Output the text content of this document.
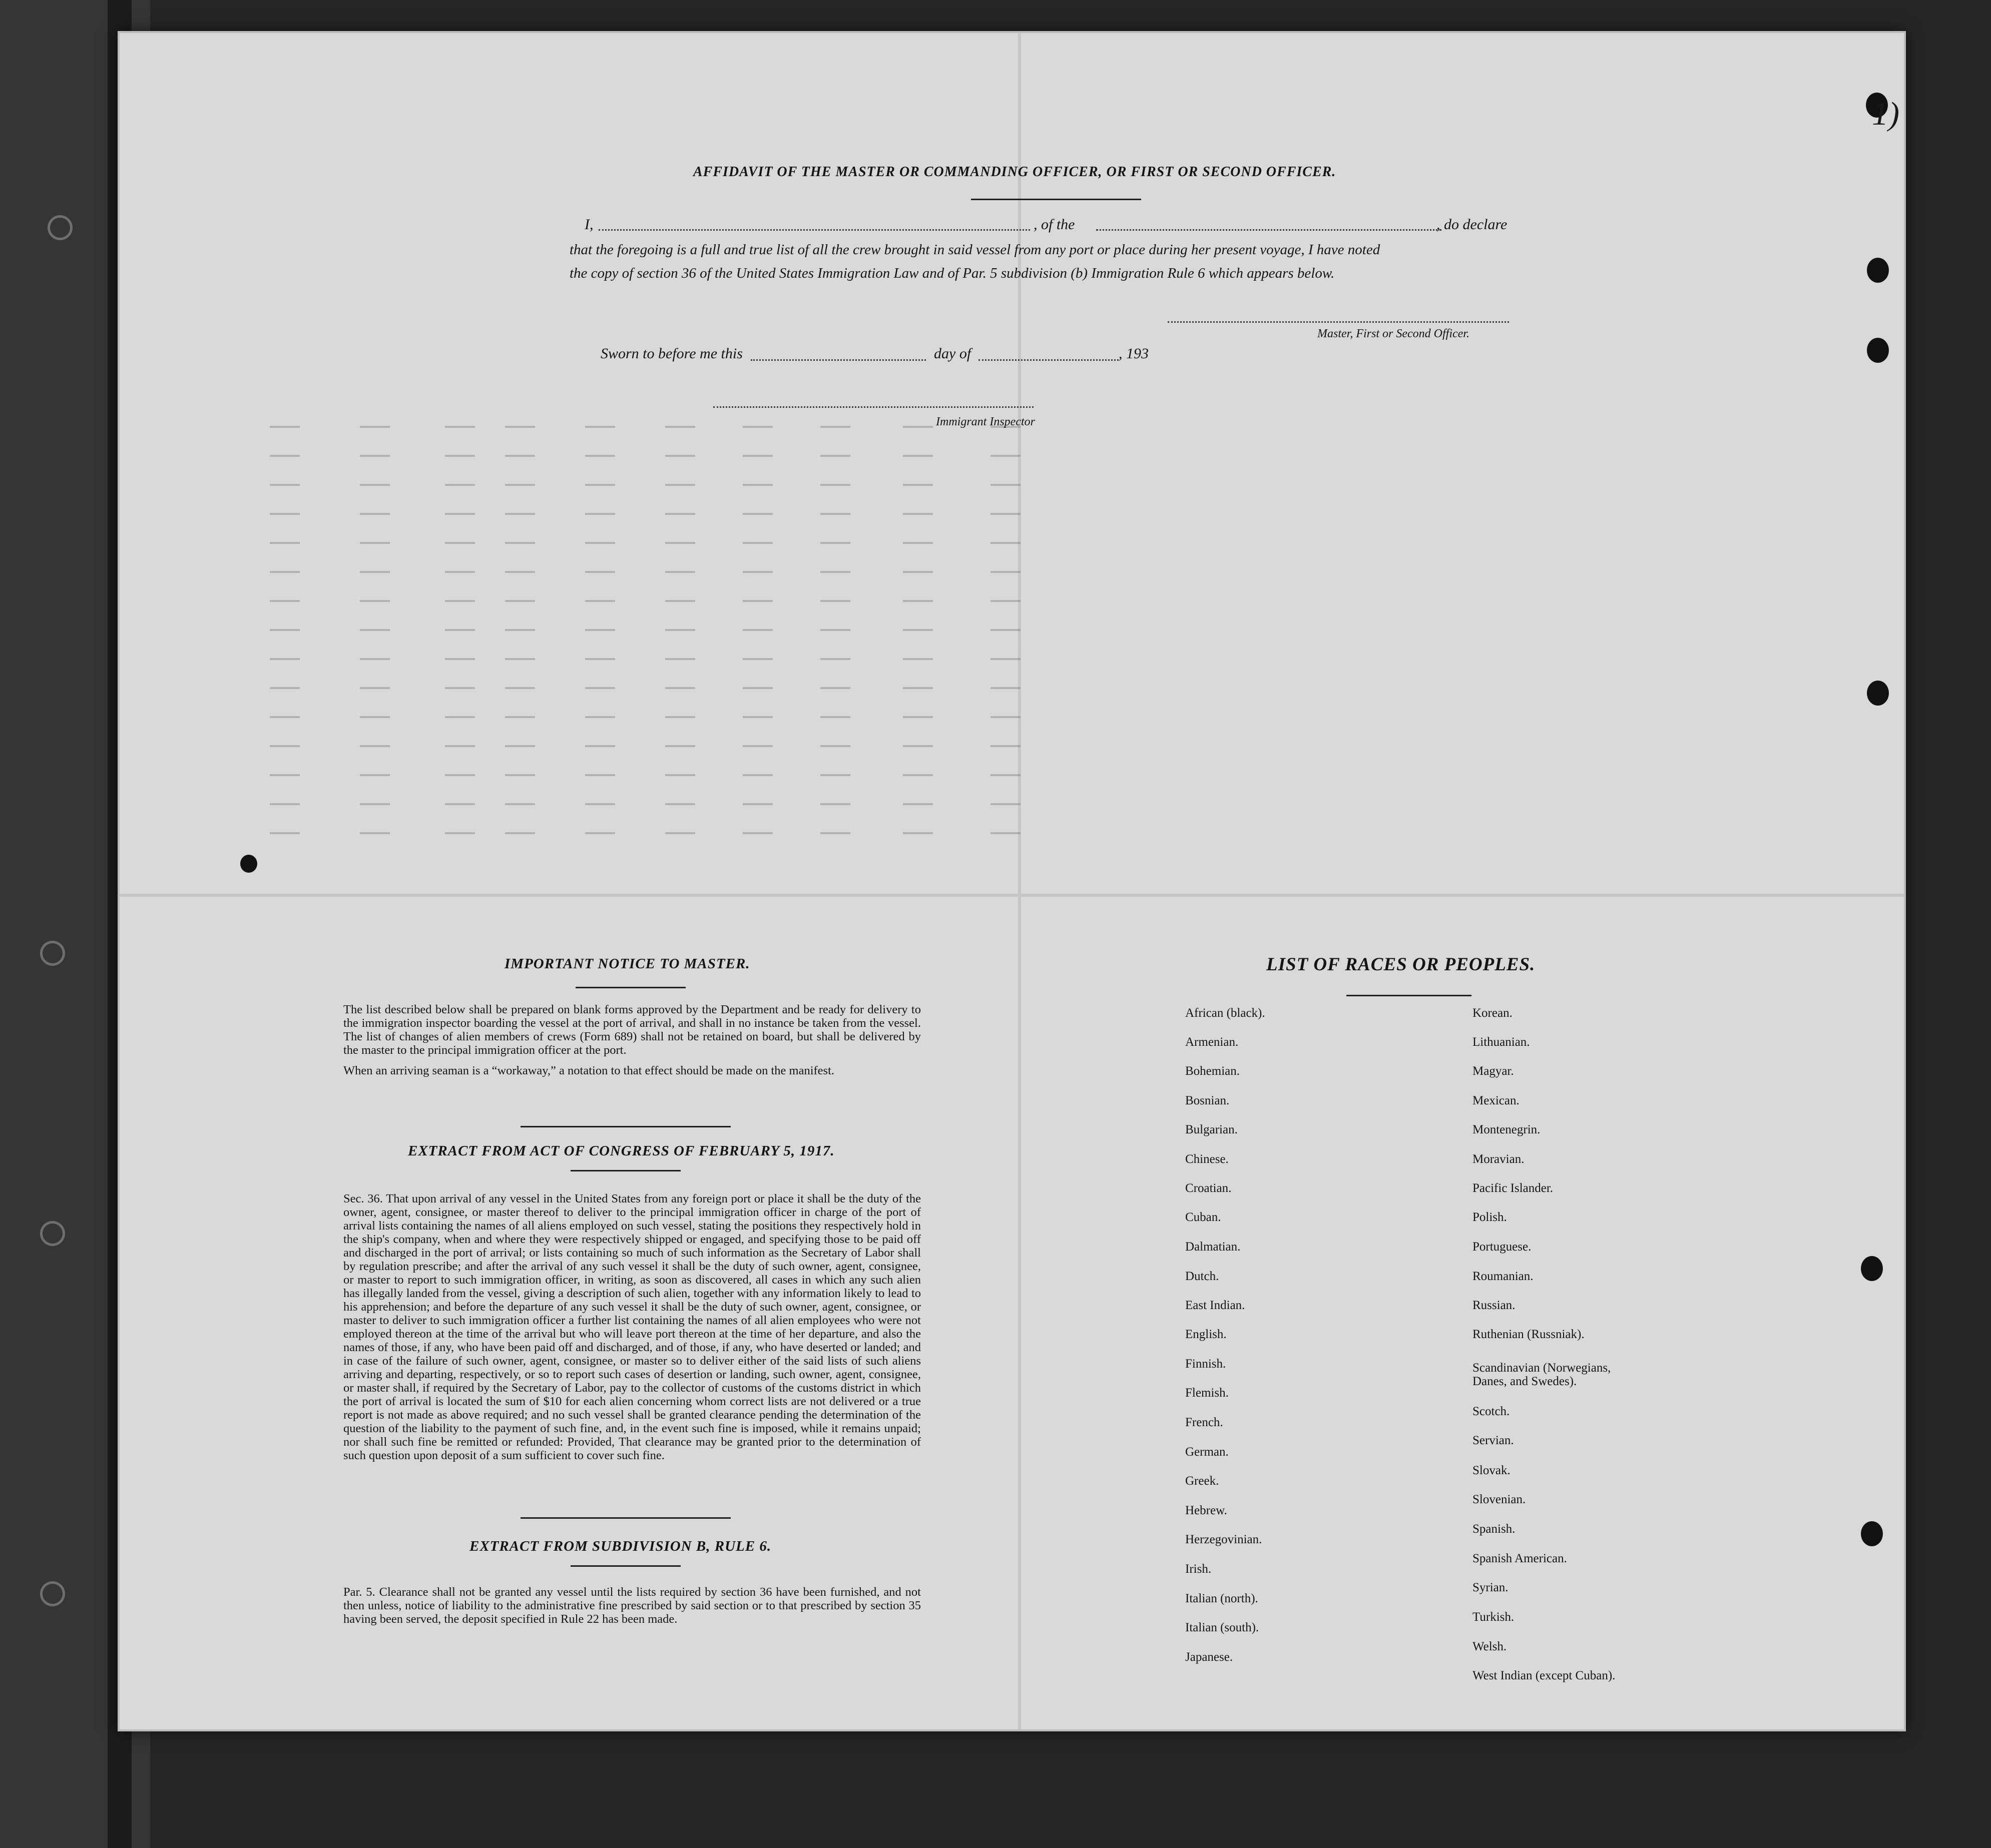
1)
AFFIDAVIT OF THE MASTER OR COMMANDING OFFICER, OR FIRST OR SECOND OFFICER.
I,	, of the	, do declare
that the foregoing is a full and true list of all the crew brought in said vessel from any port or place during her present voyage, I have noted
the copy of section 36 of the United States Immigration Law and of Par. 5 subdivision (b) Immigration Rule 6 which appears below.
Master, First or Second Officer.
Sworn to before me this	day of	, 193
Immigrant Inspector
IMPORTANT NOTICE TO MASTER.
The list described below shall be prepared on blank forms approved by the Department and be ready for delivery to the immigration inspector boarding the vessel at the port of arrival, and shall in no instance be taken from the vessel. The list of changes of alien members of crews (Form 689) shall not be retained on board, but shall be delivered by the master to the principal immigration officer at the port.
When an arriving seaman is a “workaway,” a notation to that effect should be made on the manifest.
EXTRACT FROM ACT OF CONGRESS OF FEBRUARY 5, 1917.
Sec. 36. That upon arrival of any vessel in the United States from any foreign port or place it shall be the duty of the owner, agent, consignee, or master thereof to deliver to the principal immigration officer in charge of the port of arrival lists containing the names of all aliens employed on such vessel, stating the positions they respectively hold in the ship's company, when and where they were respectively shipped or engaged, and specifying those to be paid off and discharged in the port of arrival; or lists containing so much of such information as the Secretary of Labor shall by regulation prescribe; and after the arrival of any such vessel it shall be the duty of such owner, agent, consignee, or master to report to such immigration officer, in writing, as soon as discovered, all cases in which any such alien has illegally landed from the vessel, giving a description of such alien, together with any information likely to lead to his apprehension; and before the departure of any such vessel it shall be the duty of such owner, agent, consignee, or master to deliver to such immigration officer a further list containing the names of all alien employees who were not employed thereon at the time of the arrival but who will leave port thereon at the time of her departure, and also the names of those, if any, who have been paid off and discharged, and of those, if any, who have deserted or landed; and in case of the failure of such owner, agent, consignee, or master so to deliver either of the said lists of such aliens arriving and departing, respectively, or so to report such cases of desertion or landing, such owner, agent, consignee, or master shall, if required by the Secretary of Labor, pay to the collector of customs of the customs district in which the port of arrival is located the sum of $10 for each alien concerning whom correct lists are not delivered or a true report is not made as above required; and no such vessel shall be granted clearance pending the determination of the question of the liability to the payment of such fine, and, in the event such fine is imposed, while it remains unpaid; nor shall such fine be remitted or refunded: Provided, That clearance may be granted prior to the determination of such question upon deposit of a sum sufficient to cover such fine.
EXTRACT FROM SUBDIVISION B, RULE 6.
Par. 5. Clearance shall not be granted any vessel until the lists required by section 36 have been furnished, and not then unless, notice of liability to the administrative fine prescribed by said section or to that prescribed by section 35 having been served, the deposit specified in Rule 22 has been made.
LIST OF RACES OR PEOPLES.
African (black).
Armenian.
Bohemian.
Bosnian.
Bulgarian.
Chinese.
Croatian.
Cuban.
Dalmatian.
Dutch.
East Indian.
English.
Finnish.
Flemish.
French.
German.
Greek.
Hebrew.
Herzegovinian.
Irish.
Italian (north).
Italian (south).
Japanese.
Korean.
Lithuanian.
Magyar.
Mexican.
Montenegrin.
Moravian.
Pacific Islander.
Polish.
Portuguese.
Roumanian.
Russian.
Ruthenian (Russniak).
Scandinavian (Norwegians, Danes, and Swedes).
Scotch.
Servian.
Slovak.
Slovenian.
Spanish.
Spanish American.
Syrian.
Turkish.
Welsh.
West Indian (except Cuban).
